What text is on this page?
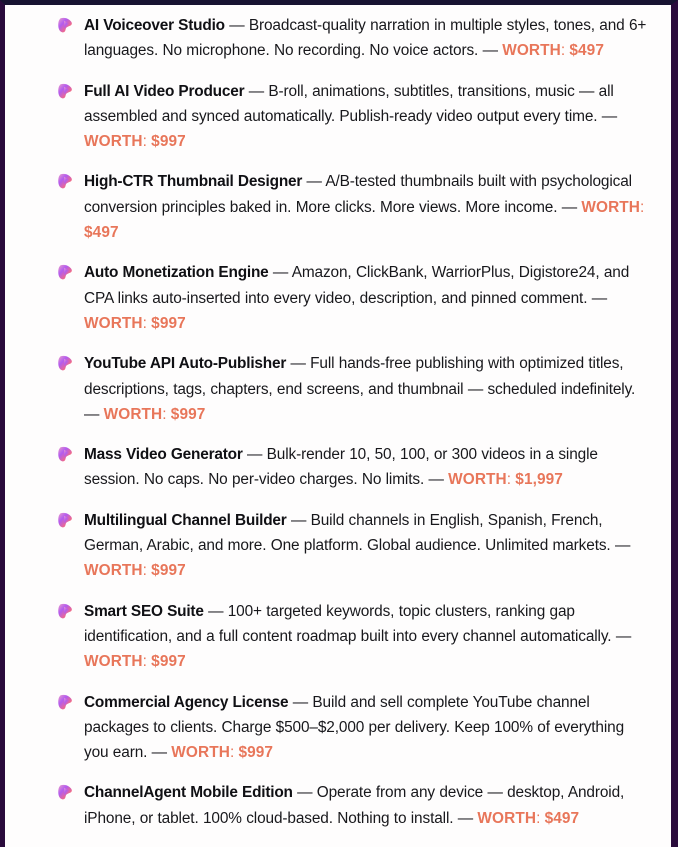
AI Voiceover Studio — Broadcast-quality narration in multiple styles, tones, and 6+ languages. No microphone. No recording. No voice actors. — WORTH: $497
Full AI Video Producer — B-roll, animations, subtitles, transitions, music — all assembled and synced automatically. Publish-ready video output every time. — WORTH: $997
High-CTR Thumbnail Designer — A/B-tested thumbnails built with psychological conversion principles baked in. More clicks. More views. More income. — WORTH: $497
Auto Monetization Engine — Amazon, ClickBank, WarriorPlus, Digistore24, and CPA links auto-inserted into every video, description, and pinned comment. — WORTH: $997
YouTube API Auto-Publisher — Full hands-free publishing with optimized titles, descriptions, tags, chapters, end screens, and thumbnail — scheduled indefinitely. — WORTH: $997
Mass Video Generator — Bulk-render 10, 50, 100, or 300 videos in a single session. No caps. No per-video charges. No limits. — WORTH: $1,997
Multilingual Channel Builder — Build channels in English, Spanish, French, German, Arabic, and more. One platform. Global audience. Unlimited markets. — WORTH: $997
Smart SEO Suite — 100+ targeted keywords, topic clusters, ranking gap identification, and a full content roadmap built into every channel automatically. — WORTH: $997
Commercial Agency License — Build and sell complete YouTube channel packages to clients. Charge $500–$2,000 per delivery. Keep 100% of everything you earn. — WORTH: $997
ChannelAgent Mobile Edition — Operate from any device — desktop, Android, iPhone, or tablet. 100% cloud-based. Nothing to install. — WORTH: $497
